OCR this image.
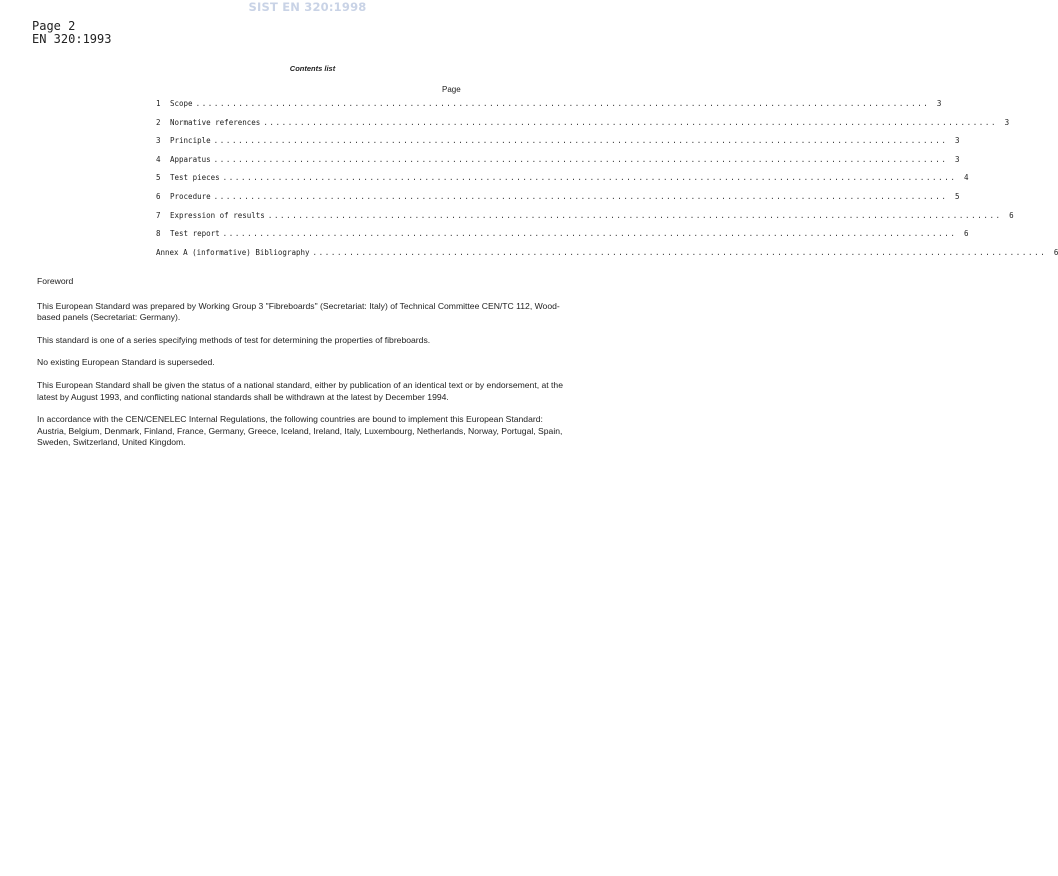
SIST EN 320:1998
Page 2
EN 320:1993
Contents list
Page
1	Scope ........................................................................................................................ 3
2	Normative references ........................................................................................................................ 3
3	Principle ........................................................................................................................ 3
4	Apparatus ........................................................................................................................ 3
5	Test pieces ........................................................................................................................ 4
6	Procedure ........................................................................................................................ 5
7	Expression of results ........................................................................................................................ 6
8	Test report ........................................................................................................................ 6
Annex A (informative) Bibliography ........................................................................................................................ 6

Foreword

This European Standard was prepared by Working Group 3 "Fibreboards" (Secretariat: Italy) of Technical Committee CEN/TC 112, Wood-based panels (Secretariat: Germany).

This standard is one of a series specifying methods of test for determining the properties of fibreboards.

No existing European Standard is superseded.

This European Standard shall be given the status of a national standard, either by publication of an identical text or by endorsement, at the latest by August 1993, and conflicting national standards shall be withdrawn at the latest by December 1994.

In accordance with the CEN/CENELEC Internal Regulations, the following countries are bound to implement this European Standard: Austria, Belgium, Denmark, Finland, France, Germany, Greece, Iceland, Ireland, Italy, Luxembourg, Netherlands, Norway, Portugal, Spain, Sweden, Switzerland, United Kingdom.
